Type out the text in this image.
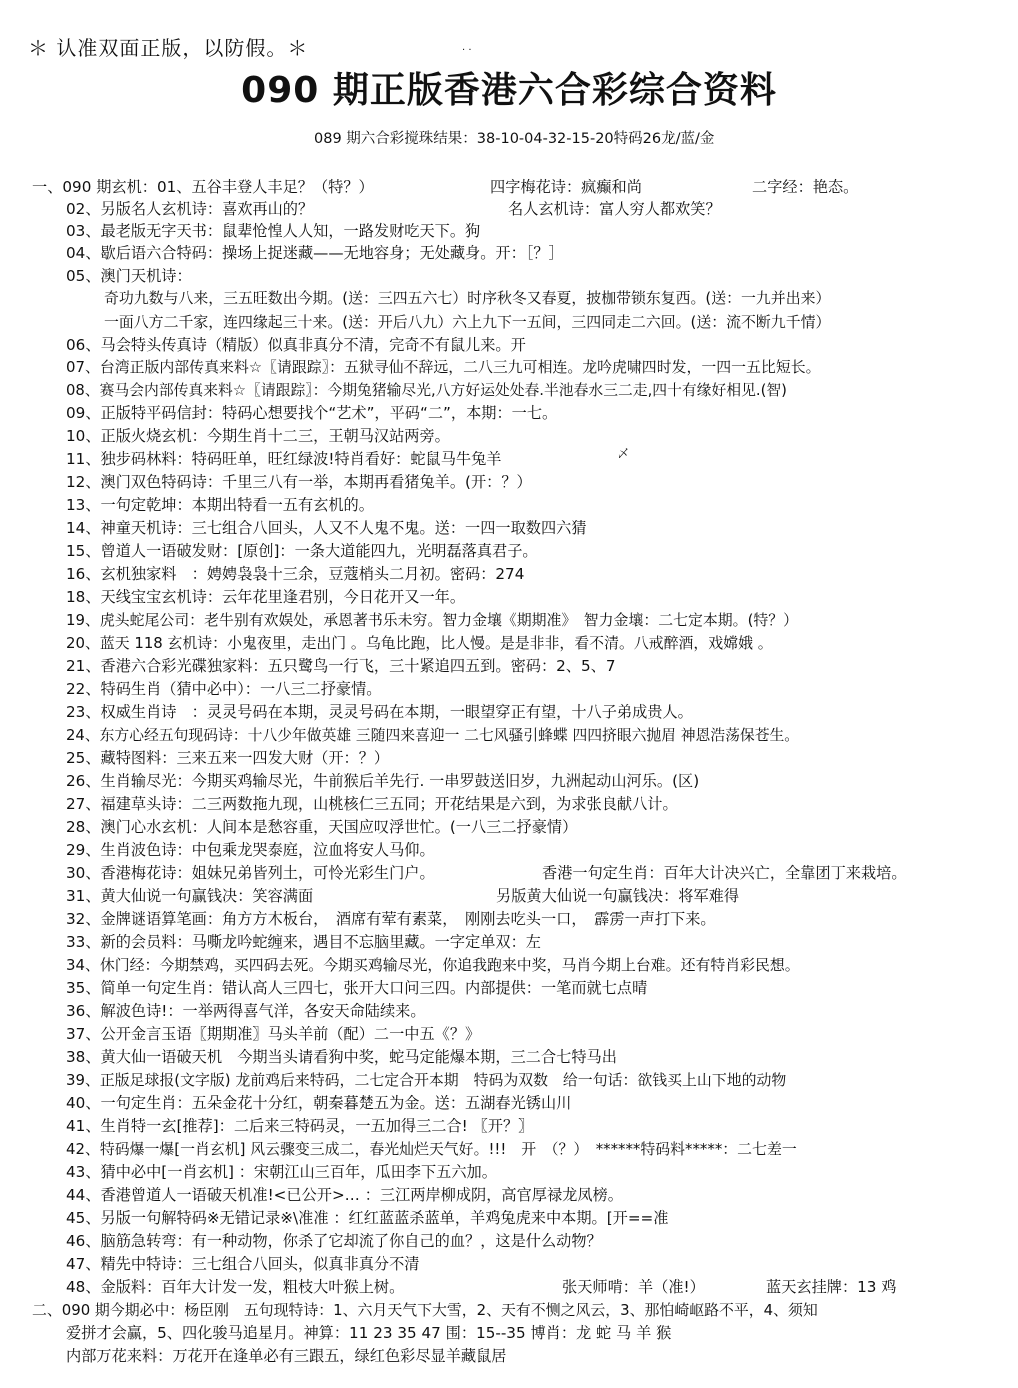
＊ 认准双面正版，以防假。＊	. .
090 期正版香港六合彩综合资料
089 期六合彩搅珠结果：38-10-04-32-15-20特码26龙/蓝/金
一、090 期玄机：01、五谷丰登人丰足？（特？）	四字梅花诗：疯癫和尚	二字经：艳态。
02、另版名人玄机诗：喜欢再山的？	名人玄机诗：富人穷人都欢笑？
03、最老版无字天书：鼠辈怆惶人人知，一路发财吃天下。狗
04、歇后语六合特码：操场上捉迷藏——无地容身；无处藏身。开：［？］
05、澳门天机诗：
奇功九数与八来，三五旺数出今期。(送：三四五六七）时序秋冬又春夏，披枷带锁东复西。(送：一九并出来）
一面八方二千家，连四缘起三十来。(送：开后八九）六上九下一五间，三四同走二六回。(送：流不断九千情）
06、马会特头传真诗（精版）似真非真分不清，完奇不有鼠儿来。开
07、台湾正版内部传真来料☆〖请跟踪〗：五狱寻仙不辞远，二八三九可相连。龙吟虎啸四时发，一四一五比短长。
08、赛马会内部传真来料☆〖请跟踪〗：今期兔猪输尽光,八方好运处处春.半池春水三二走,四十有缘好相见.(智)
09、正版特平码信封：特码心想要找个“艺术”，平码“二”，本期：一七。
10、正版火烧玄机：今期生肖十二三，王朝马汉站两旁。
11、独步码林料：特码旺单，旺红绿波!特肖看好：蛇鼠马牛兔羊	乄
12、澳门双色特码诗：千里三八有一举，本期再看猪兔羊。(开：？）
13、一句定乾坤：本期出特看一五有玄机的。
14、神童天机诗：三七组合八回头，人又不人鬼不鬼。送：一四一取数四六猜
15、曾道人一语破发财：[原创]：一条大道能四九，光明磊落真君子。
16、玄机独家料　：娉娉袅袅十三余，豆蔻梢头二月初。密码：274
18、天线宝宝玄机诗：云年花里逢君别，今日花开又一年。
19、虎头蛇尾公司：老牛别有欢娱处，承恩著书乐未穷。智力金壤《期期准》　智力金壤：二七定本期。(特？）
20、蓝天 118 玄机诗：小鬼夜里，走出门 。乌龟比跑，比人慢。是是非非，看不清。八戒醉酒，戏嫦娥 。
21、香港六合彩光碟独家料：五只鹭鸟一行飞，三十紧追四五到。密码：2、5、7
22、特码生肖（猜中必中）：一八三二抒豪情。
23、权威生肖诗　：灵灵号码在本期，灵灵号码在本期，一眼望穿正有望，十八子弟成贵人。
24、东方心经五句现码诗：十八少年做英雄 三随四来喜迎一 二七风骚引蜂蝶 四四挤眼六抛眉 神恩浩荡保苍生。
25、藏特图料：三来五来一四发大财（开：？）
26、生肖输尽光：今期买鸡输尽光，牛前猴后羊先行. 一串罗鼓送旧岁，九洲起动山河乐。(区)
27、福建草头诗：二三两数拖九现，山桃核仁三五同；开花结果是六到，为求张良献八计。
28、澳门心水玄机：人间本是愁容重，天国应叹浮世忙。(一八三二抒豪情）
29、生肖波色诗：中包乘龙哭泰庭，泣血将安人马仰。
30、香港梅花诗：姐妹兄弟皆列土，可怜光彩生门户。	香港一句定生肖：百年大计决兴亡，全靠团丁来栽培。
31、黄大仙说一句赢钱决：笑容满面	另版黄大仙说一句赢钱决：将军难得
32、金牌谜语算笔画：角方方木板台，　酒席有荤有素菜，　刚刚去吃头一口，　霹雳一声打下来。
33、新的会员料：马嘶龙吟蛇缠来，遇目不忘脑里藏。一字定单双：左
34、休门经：今期禁鸡，买四码去死。今期买鸡输尽光，你追我跑来中奖，马肖今期上台难。还有特肖彩民想。
35、简单一句定生肖：错认高人三四七，张开大口问三四。内部提供：一笔而就七点晴
36、解波色诗!：一举两得喜气洋，各安天命陆续来。
37、公开金言玉语〖期期准〗马头羊前（配）二一中五《？》
38、黄大仙一语破天机　今期当头请看狗中奖，蛇马定能爆本期，三二合七特马出
39、正版足球报(文字版) 龙前鸡后来特码，二七定合开本期　特码为双数　给一句话：欲钱买上山下地的动物
40、一句定生肖：五朵金花十分红，朝秦暮楚五为金。送：五湖春光锈山川
41、生肖特一玄[推荐]：二后来三特码灵，一五加得三二合! 〖开？〗
42、特码爆一爆[一肖玄机] 风云骤变三成二，春光灿烂天气好。!!!　开　（？）　******特码料*****：二七差一
43、猜中必中[一肖玄机] ：宋朝江山三百年，瓜田李下五六加。
44、香港曾道人一语破天机准!<已公开>… ：三江两岸柳成阴，高官厚禄龙凤榜。
45、另版一句解特码※无错记录※\准准 ：红红蓝蓝杀蓝单，羊鸡兔虎来中本期。[开==准
46、脑筋急转弯：有一种动物，你杀了它却流了你自己的血？，这是什么动物？
47、精先中特诗：三七组合八回头，似真非真分不清
48、金版料：百年大计发一发，粗枝大叶猴上树。	张天师啃：羊（准!）	蓝天玄挂牌：13 鸡
二、090 期今期必中：杨臣刚　五句现特诗：1、六月天气下大雪，2、天有不恻之风云，3、那怕崎岖路不平，4、须知
爱拼才会赢，5、四化骏马追星月。神算：11 23 35 47 围：15--35 博肖：龙 蛇 马 羊 猴
内部万花来料：万花开在逢单必有三跟五，绿红色彩尽显羊藏鼠居
